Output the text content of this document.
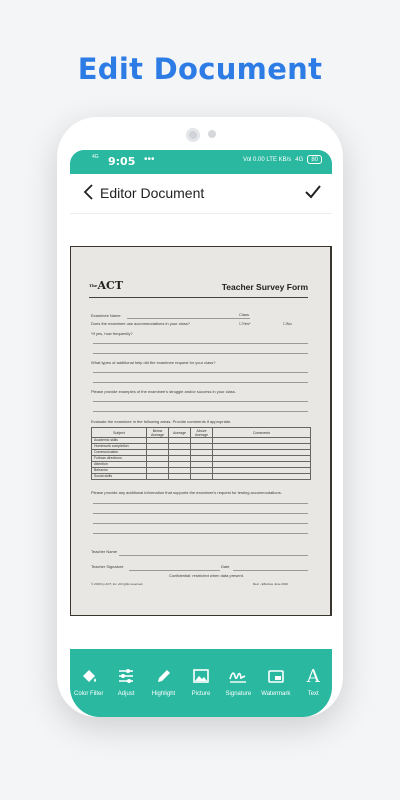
Edit Document
4G 9:05 •••	Vol 0.00 LTE KB/s 4G	80
Editor Document
$^{The}$ACT	Teacher Survey Form
Examinee Name	Class
Does the examinee use accommodations in your class?	☐Yes*	☐No
*If yes, how frequently?
What types of additional help did the examinee request for your class?
Please provide examples of the examinee's struggle and/or success in your class.
Evaluate the examinee in the following areas. Provide comments if appropriate.
Subject	Below Average	Average	Above Average	Comments
Academic skills				
Homework completion				
Communication				
Follows directions				
Attention				
Behavior				
Social skills				
Please provide any additional information that supports the examinee's request for testing accommodations.
Teacher Name
Teacher Signature	Date
Confidential: restricted when data present.
© 2016 by ACT, Inc. All rights reserved.	Revi - Effective June 2016
Color Filter	Adjust	Highlight	Picture	Signature	Watermark
A
Text
